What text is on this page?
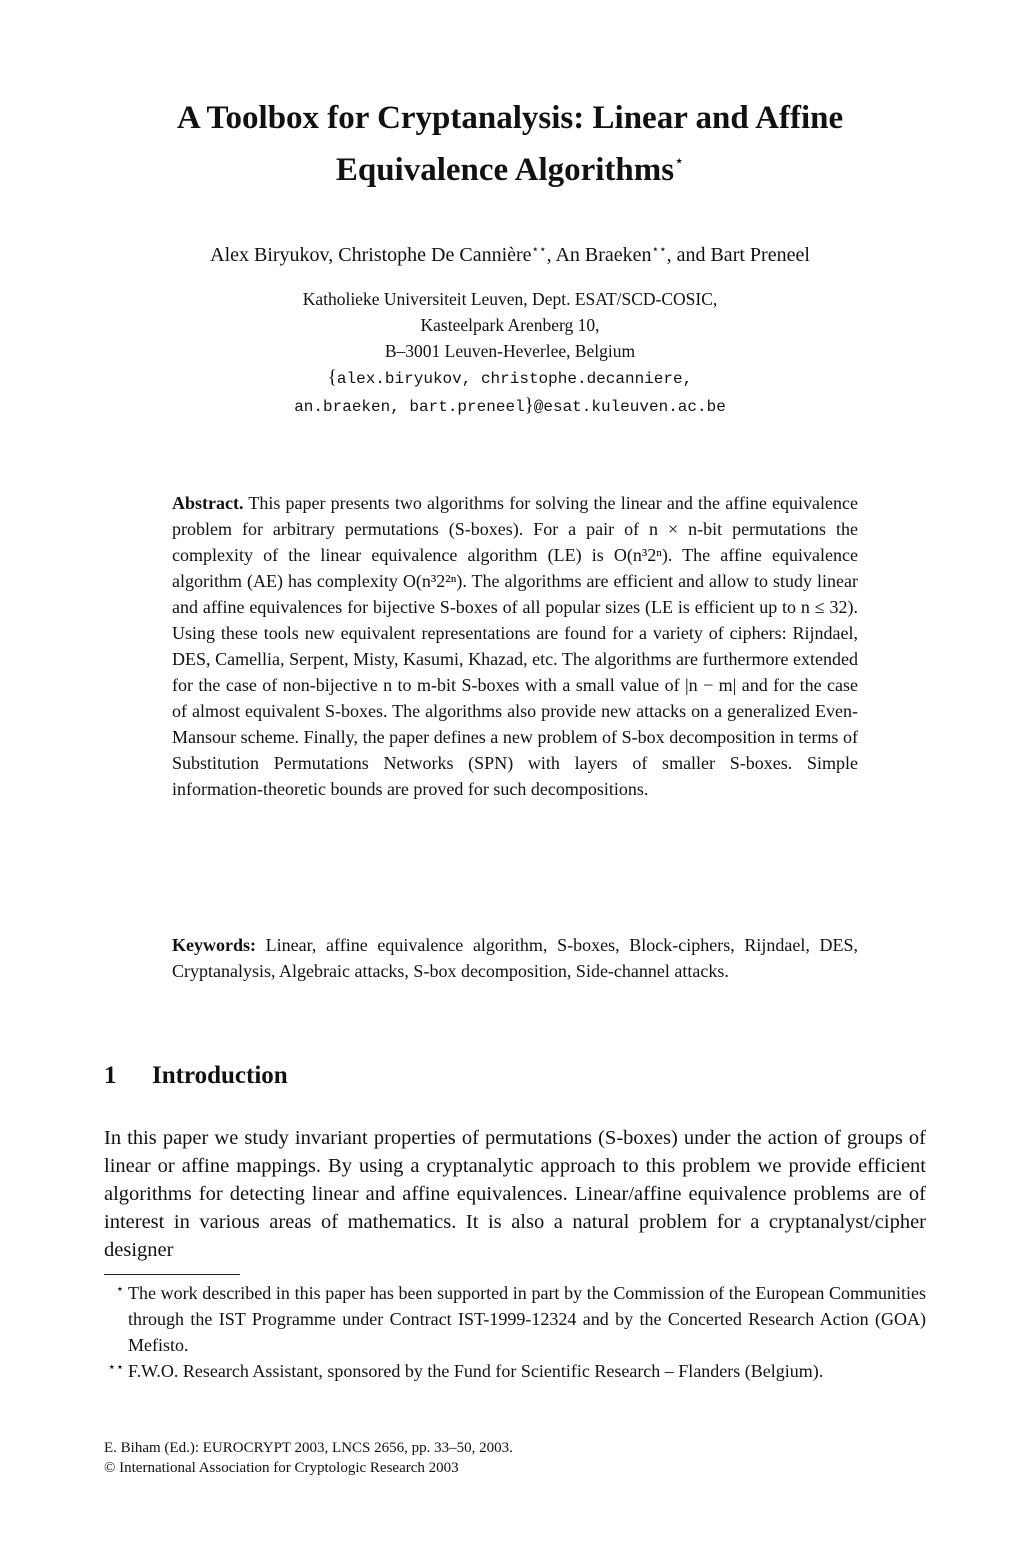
A Toolbox for Cryptanalysis: Linear and Affine
Equivalence Algorithms⋆
Alex Biryukov, Christophe De Cannière⋆⋆, An Braeken⋆⋆, and Bart Preneel
Katholieke Universiteit Leuven, Dept. ESAT/SCD-COSIC,
Kasteelpark Arenberg 10,
B–3001 Leuven-Heverlee, Belgium
{alex.biryukov, christophe.decanniere,
an.braeken, bart.preneel}@esat.kuleuven.ac.be

Abstract. This paper presents two algorithms for solving the linear and the affine equivalence problem for arbitrary permutations (S-boxes). For a pair of n × n-bit permutations the complexity of the linear equivalence algorithm (LE) is O(n³2ⁿ). The affine equivalence algorithm (AE) has complexity O(n³2²ⁿ). The algorithms are efficient and allow to study linear and affine equivalences for bijective S-boxes of all popular sizes (LE is efficient up to n ≤ 32). Using these tools new equivalent representations are found for a variety of ciphers: Rijndael, DES, Camellia, Serpent, Misty, Kasumi, Khazad, etc. The algorithms are furthermore extended for the case of non-bijective n to m-bit S-boxes with a small value of |n − m| and for the case of almost equivalent S-boxes. The algorithms also provide new attacks on a generalized Even-Mansour scheme. Finally, the paper defines a new problem of S-box decomposition in terms of Substitution Permutations Networks (SPN) with layers of smaller S-boxes. Simple information-theoretic bounds are proved for such decompositions.

Keywords: Linear, affine equivalence algorithm, S-boxes, Block-ciphers, Rijndael, DES, Cryptanalysis, Algebraic attacks, S-box decomposition, Side-channel attacks.

1 Introduction

In this paper we study invariant properties of permutations (S-boxes) under the action of groups of linear or affine mappings. By using a cryptanalytic approach to this problem we provide efficient algorithms for detecting linear and affine equivalences. Linear/affine equivalence problems are of interest in various areas of mathematics. It is also a natural problem for a cryptanalyst/cipher designer

⋆ The work described in this paper has been supported in part by the Commission of the European Communities through the IST Programme under Contract IST-1999-12324 and by the Concerted Research Action (GOA) Mefisto.
⋆⋆ F.W.O. Research Assistant, sponsored by the Fund for Scientific Research – Flanders (Belgium).
E. Biham (Ed.): EUROCRYPT 2003, LNCS 2656, pp. 33–50, 2003.
© International Association for Cryptologic Research 2003
